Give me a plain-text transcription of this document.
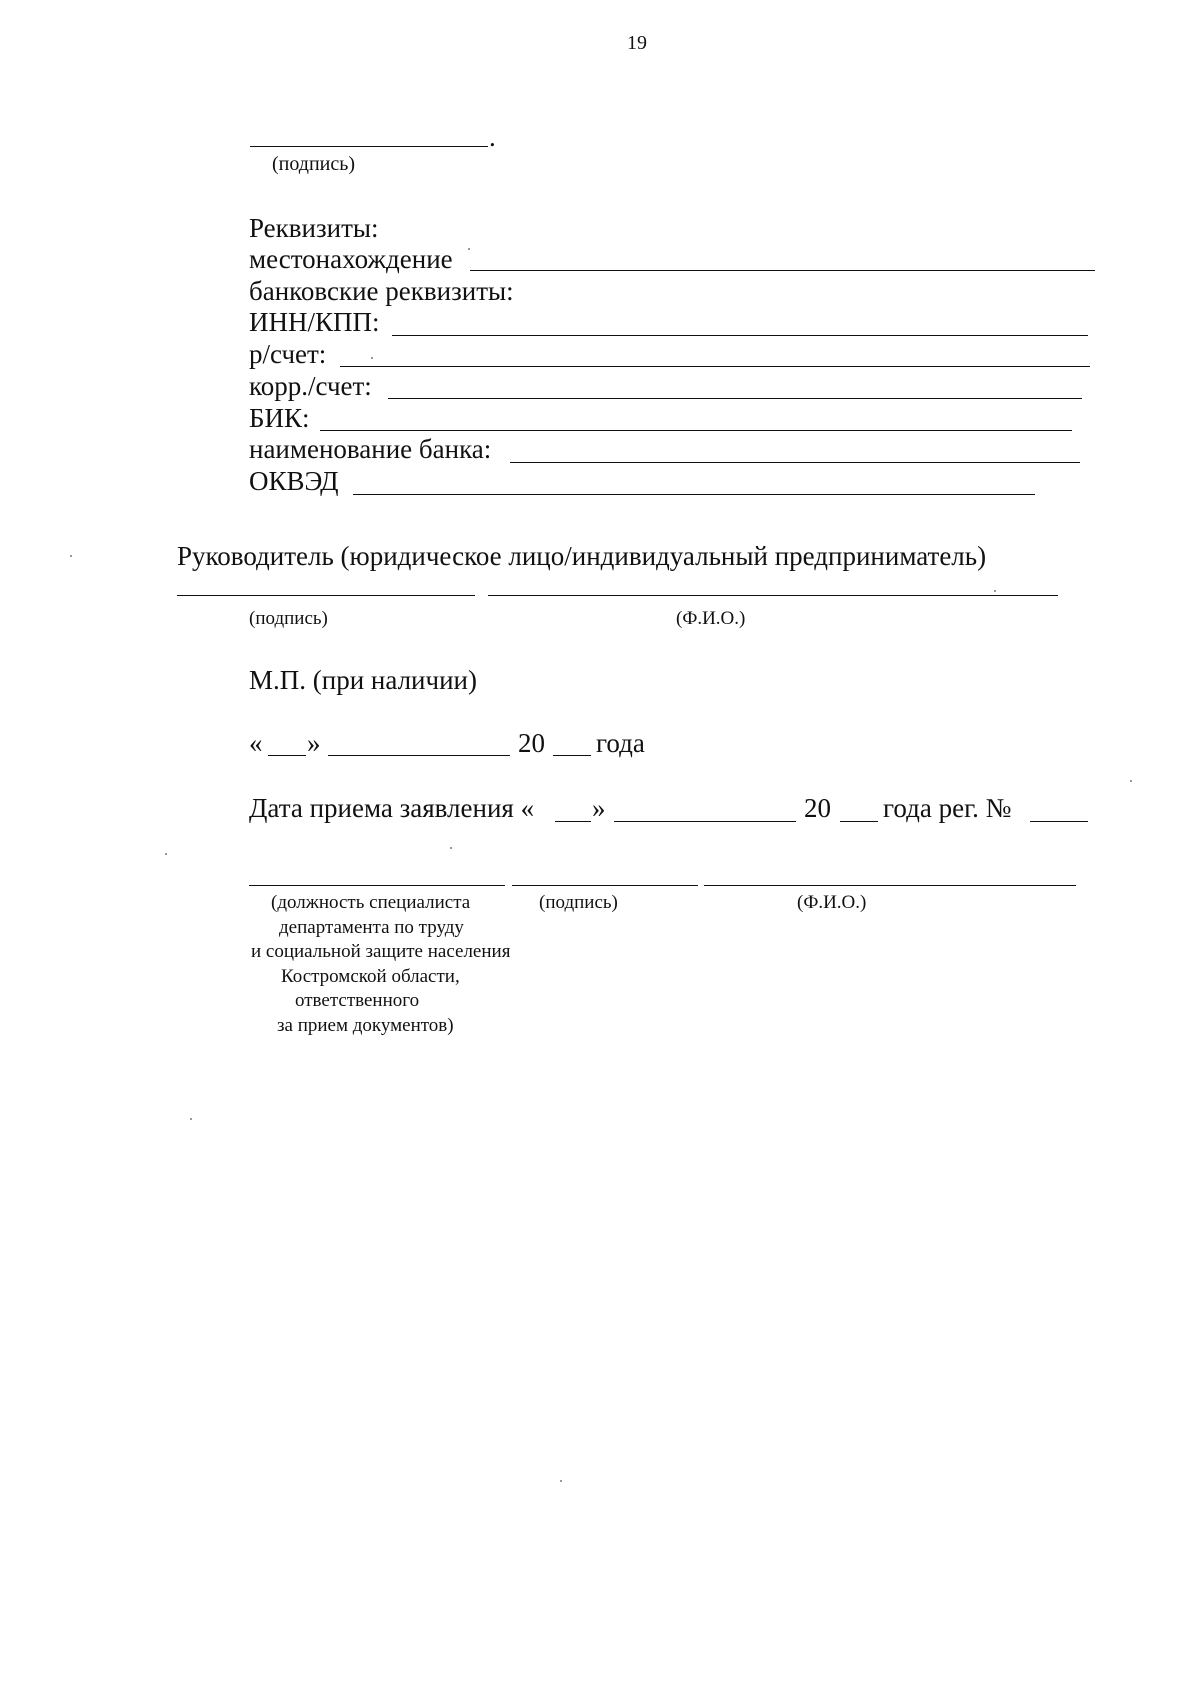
19
.
(подпись)
Реквизиты:
местонахождение
банковские реквизиты:
ИНН/КПП:
р/счет:
корр./счет:
БИК:
наименование банка:
ОКВЭД
Руководитель (юридическое лицо/индивидуальный предприниматель)
(подпись)	(Ф.И.О.)
М.П. (при наличии)
« »	20 года
Дата приема заявления « »	20 года рег. №
(должность специалиста
департамента по труду
и социальной защите населения
Костромской области,
ответственного
за прием документов)
(подпись)	(Ф.И.О.)
